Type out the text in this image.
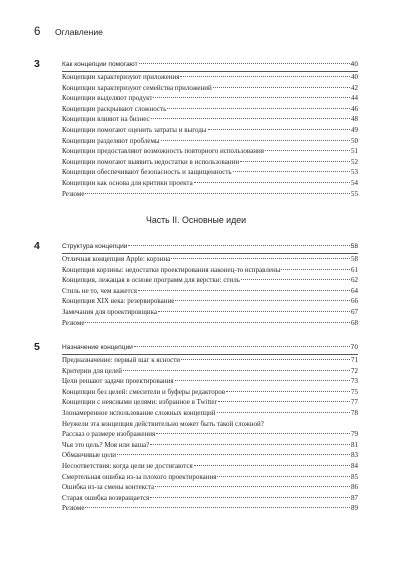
6 Оглавление
3	Как концепции помогают	40
Концепции характеризуют приложения	40
Концепции характеризуют семейства приложений	42
Концепции выделяют продукт	44
Концепции раскрывают сложность	46
Концепции влияют на бизнес	48
Концепции помогают оценить затраты и выгоды	49
Концепции разделяют проблемы	50
Концепции предоставляют возможность повторного использования	51
Концепции помогают выявить недостатки в использовании	52
Концепции обеспечивают безопасность и защищенность	53
Концепции как основа для критики проекта	54
Резюме	55
Часть II. Основные идеи
4	Структура концепции	58
Отличная концепция Apple: корзина	58
Концепция корзины: недостатки проектирования наконец-то исправлены	61
Концепция, лежащая в основе программ для верстки: стиль	62
Стиль не то, чем кажется	64
Концепция XIX века: резервирование	66
Замечания для проектировщика	67
Резюме	68
5	Назначение концепции	70
Предназначение: первый шаг к ясности	71
Критерии для целей	72
Цели решают задачи проектирования	73
Концепции без целей: смесители и буферы редакторов	75
Концепции с неясными целями: избранное в Twitter	77
Злонамеренное использование сложных концепций	78
Неужели эта концепция действительно может быть такой сложной?
Рассказ о размере изображения	79
Чья это цель? Моя или ваша?	81
Обманчивые цели	83
Несоответствия: когда цели не достигаются	84
Смертельная ошибка из-за плохого проектирования	85
Ошибка из-за смены контекста	86
Старая ошибка возвращается	87
Резюме	89
